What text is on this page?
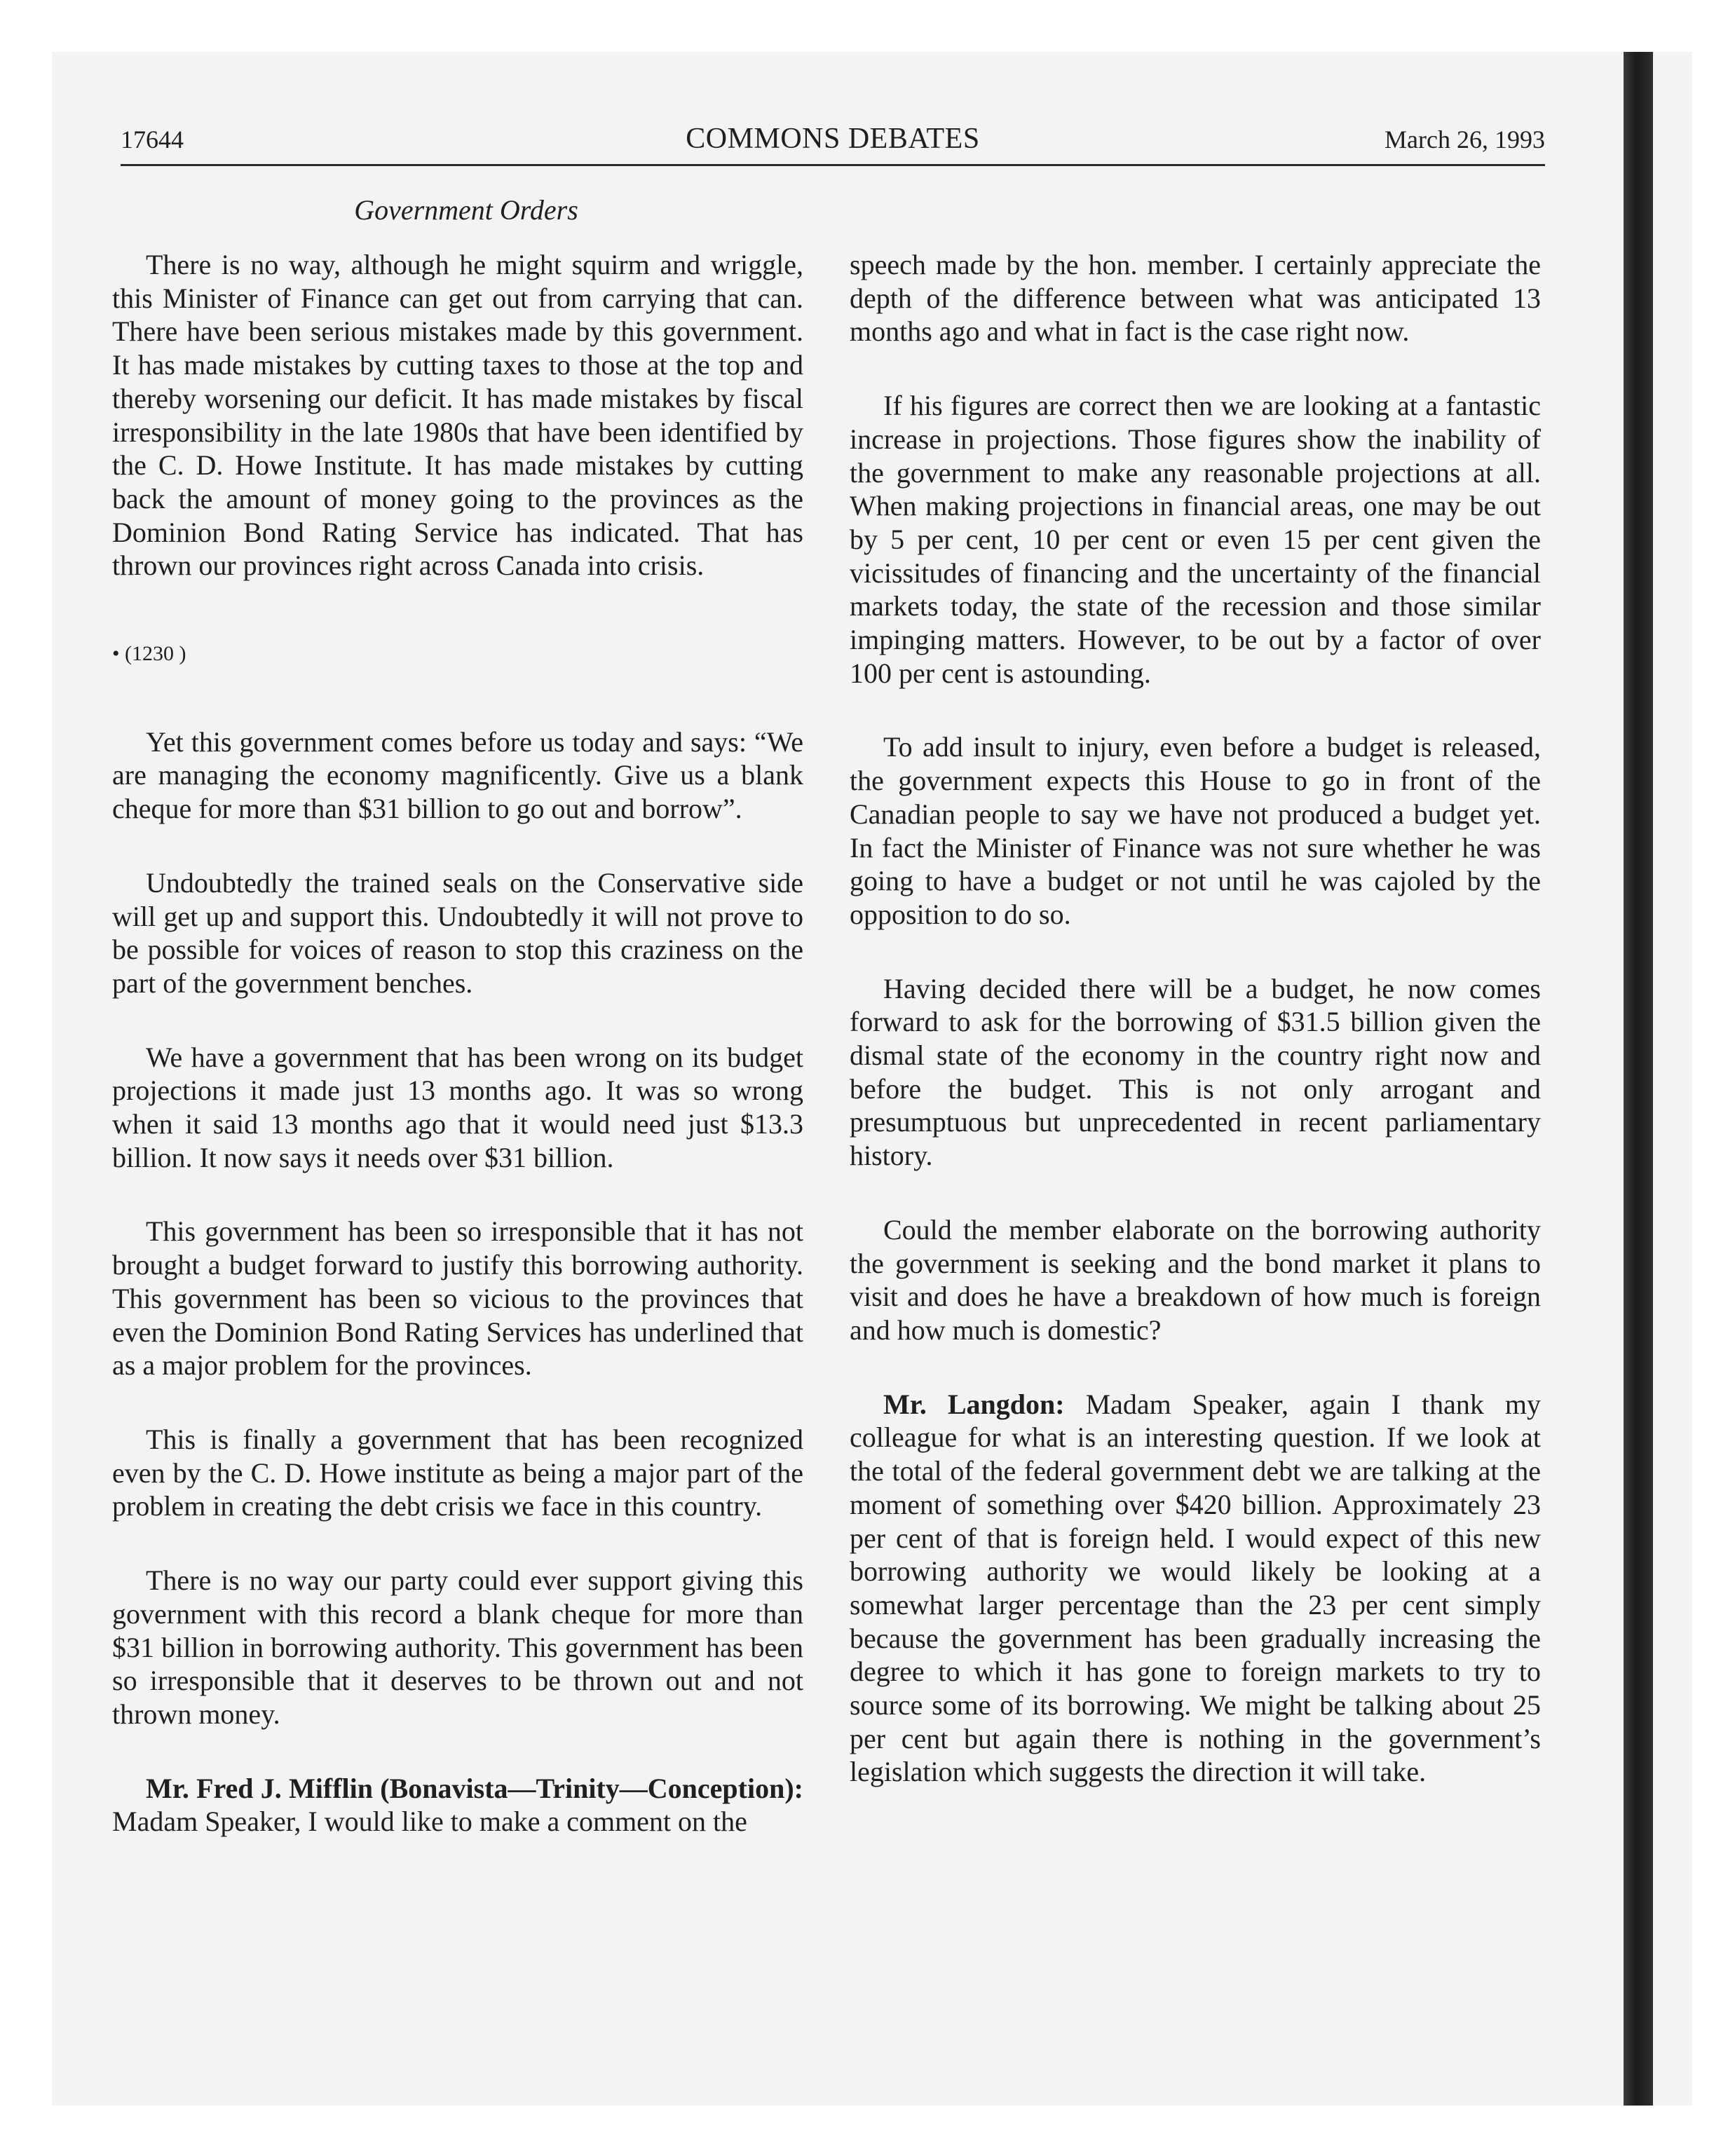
17644	COMMONS DEBATES	March 26, 1993
Government Orders

There is no way, although he might squirm and wriggle, this Minister of Finance can get out from carrying that can. There have been serious mistakes made by this government. It has made mistakes by cutting taxes to those at the top and thereby worsening our deficit. It has made mistakes by fiscal irresponsibility in the late 1980s that have been identified by the C. D. Howe Institute. It has made mistakes by cutting back the amount of money going to the provinces as the Dominion Bond Rating Service has indicated. That has thrown our provinces right across Canada into crisis.

• (1230 )

Yet this government comes before us today and says: “We are managing the economy magnificently. Give us a blank cheque for more than $31 billion to go out and borrow”.

Undoubtedly the trained seals on the Conservative side will get up and support this. Undoubtedly it will not prove to be possible for voices of reason to stop this craziness on the part of the government benches.

We have a government that has been wrong on its budget projections it made just 13 months ago. It was so wrong when it said 13 months ago that it would need just $13.3 billion. It now says it needs over $31 billion.

This government has been so irresponsible that it has not brought a budget forward to justify this borrowing authority. This government has been so vicious to the provinces that even the Dominion Bond Rating Services has underlined that as a major problem for the provinces.

This is finally a government that has been recognized even by the C. D. Howe institute as being a major part of the problem in creating the debt crisis we face in this country.

There is no way our party could ever support giving this government with this record a blank cheque for more than $31 billion in borrowing authority. This government has been so irresponsible that it deserves to be thrown out and not thrown money.

Mr. Fred J. Mifflin (Bonavista—Trinity—Conception): Madam Speaker, I would like to make a comment on the

speech made by the hon. member. I certainly appreciate the depth of the difference between what was anticipated 13 months ago and what in fact is the case right now.

If his figures are correct then we are looking at a fantastic increase in projections. Those figures show the inability of the government to make any reasonable projections at all. When making projections in financial areas, one may be out by 5 per cent, 10 per cent or even 15 per cent given the vicissitudes of financing and the uncertainty of the financial markets today, the state of the recession and those similar impinging matters. However, to be out by a factor of over 100 per cent is astounding.

To add insult to injury, even before a budget is released, the government expects this House to go in front of the Canadian people to say we have not produced a budget yet. In fact the Minister of Finance was not sure whether he was going to have a budget or not until he was cajoled by the opposition to do so.

Having decided there will be a budget, he now comes forward to ask for the borrowing of $31.5 billion given the dismal state of the economy in the country right now and before the budget. This is not only arrogant and presumptuous but unprecedented in recent parliamentary history.

Could the member elaborate on the borrowing authority the government is seeking and the bond market it plans to visit and does he have a breakdown of how much is foreign and how much is domestic?

Mr. Langdon: Madam Speaker, again I thank my colleague for what is an interesting question. If we look at the total of the federal government debt we are talking at the moment of something over $420 billion. Approximately 23 per cent of that is foreign held. I would expect of this new borrowing authority we would likely be looking at a somewhat larger percentage than the 23 per cent simply because the government has been gradually increasing the degree to which it has gone to foreign markets to try to source some of its borrowing. We might be talking about 25 per cent but again there is nothing in the government’s legislation which suggests the direction it will take.
